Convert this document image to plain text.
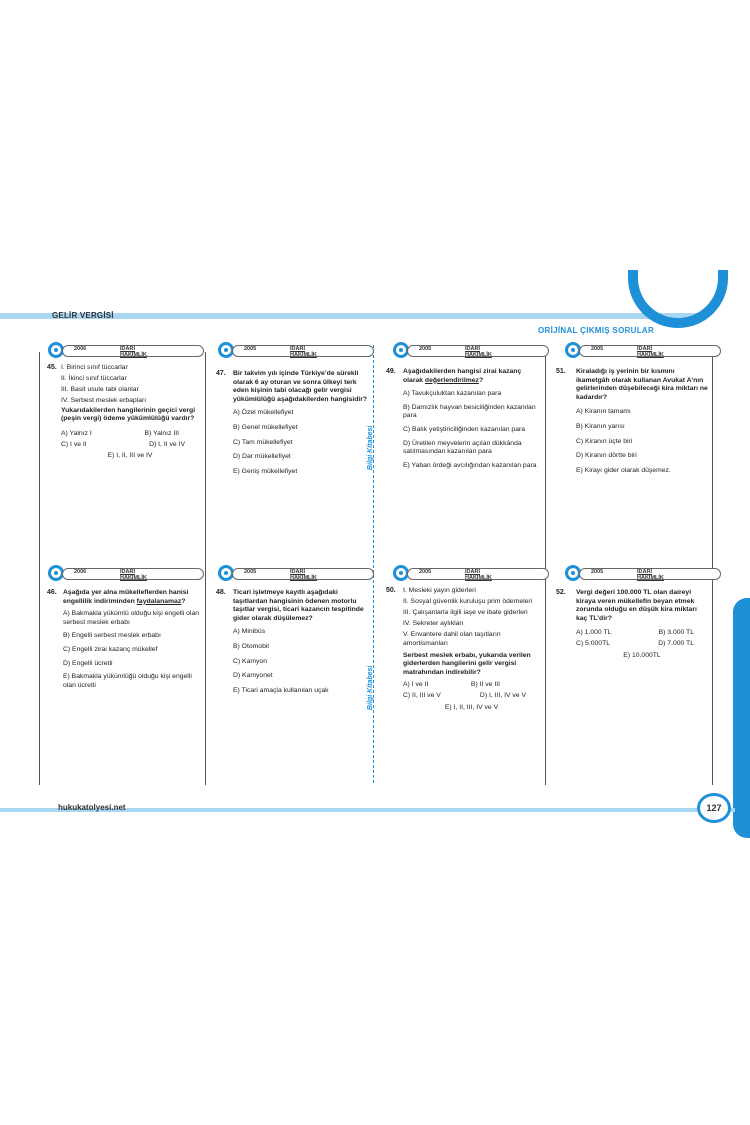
GELİR VERGİSİ
ORİJİNAL ÇIKMIŞ SORULAR
Bilgi Kitabesi
Bilgi Kitabesi
2006	İDARİ HAKİMLİK
45. I. Birinci sınıf tüccarlar
II. İkinci sınıf tüccarlar
III. Basit usule tabi olanlar
IV. Serbest meslek erbapları
Yukarıdakilerden hangilerinin geçici vergi (peşin vergi) ödeme yükümlülüğü vardır?
A) Yalnız I	B) Yalnız III
C) I ve II	D) I, II ve IV
E) I, II, III ve IV
2005	İDARİ HAKİMLİK
47. Bir takvim yılı içinde Türkiye’de sürekli olarak 6 ay oturan ve sonra ülkeyi terk eden kişinin tabi olacağı gelir vergisi yükümlülüğü aşağıdakilerden hangisidir?
A) Özel mükellefiyet
B) Genel mükellefiyet
C) Tam mükellefiyet
D) Dar mükellefiyet
E) Geniş mükellefiyet
2005	İDARİ HAKİMLİK
49. Aşağıdakilerden hangisi zirai kazanç olarak değerlendirilmez?
A) Tavukçuluktan kazanılan para
B) Damızlık hayvan besiciliğinden kazanılan para
C) Balık yetiştiriciliğinden kazanılan para
D) Üretilen meyvelerin açılan dükkânda satılmasından kazanılan para
E) Yaban ördeği avcılığından kazanılan para
2005	İDARİ HAKİMLİK
51. Kiraladığı iş yerinin bir kısmını ikametgâh olarak kullanan Avukat A’nın gelirlerinden düşebileceği kira miktarı ne kadardır?
A) Kiranın tamamı
B) Kiranın yarısı
C) Kiranın üçte biri
D) Kiranın dörtte biri
E) Kirayı gider olarak düşemez.
2006	İDARİ HAKİMLİK
46. Aşağıda yer alna mükelleflerden hanisi engellilik indiriminden faydalanamaz?
A) Bakmakla yükümlü olduğu kişi engelli olan serbest meslek erbabı
B) Engelli serbest meslek erbabı
C) Engelli zirai kazanç mükellef
D) Engelli ücretli
E) Bakmakla yükümlüğü olduğu kişi engelli olan ücretli
2005	İDARİ HAKİMLİK
48. Ticari işletmeye kayıtlı aşağıdaki taşıtlardan hangisinin ödenen motorlu taşıtlar vergisi, ticari kazancın tespitinde gider olarak düşülemez?
A) Minibüs
B) Otomobil
C) Kamyon
D) Kamyonet
E) Ticari amaçla kullanılan uçak
2005	İDARİ HAKİMLİK
50. I. Mesleki yayın giderleri
II. Sosyal güvenlik kuruluşu prim ödemeleri
III. Çalışanlarla ilgili iaşe ve ibate giderleri
IV. Sekreter aylıkları
V. Envantere dahil olan taşıtların amortismanları
Serbest meslek erbabı, yukarıda verilen giderlerden hangilerini gelir vergisi matrahından indirebilir?
A) I ve II	B) II ve III
C) II, III ve V	D) I, III, IV ve V
E) I, II, III, IV ve V
2005	İDARİ HAKİMLİK
52. Vergi değeri 100.000 TL olan daireyi kiraya veren mükellefin beyan etmek zorunda olduğu en düşük kira miktarı kaç TL’dir?
A) 1.000 TL	B) 3.000 TL
C) 5.000TL	D) 7.000 TL
E) 10.000TL
hukukatolyesi.net	127
